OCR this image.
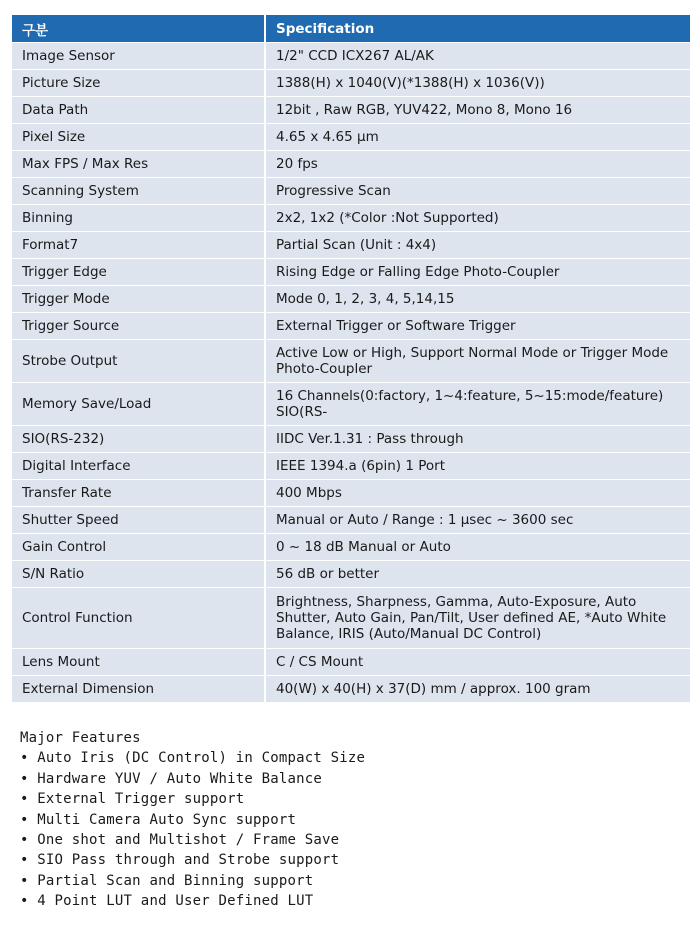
구분	Specification
Image Sensor	1/2" CCD ICX267 AL/AK
Picture Size	1388(H) x 1040(V)(*1388(H) x 1036(V))
Data Path	12bit , Raw RGB, YUV422, Mono 8, Mono 16
Pixel Size	4.65 x 4.65 μm
Max FPS / Max Res	20 fps
Scanning System	Progressive Scan
Binning	2x2, 1x2 (*Color :Not Supported)
Format7	Partial Scan (Unit : 4x4)
Trigger Edge	Rising Edge or Falling Edge Photo-Coupler
Trigger Mode	Mode 0, 1, 2, 3, 4, 5,14,15
Trigger Source	External Trigger or Software Trigger
Strobe Output	Active Low or High, Support Normal Mode or Trigger Mode Photo-Coupler
Memory Save/Load	16 Channels(0:factory, 1~4:feature, 5~15:mode/feature) SIO(RS-
SIO(RS-232)	IIDC Ver.1.31 : Pass through
Digital Interface	IEEE 1394.a (6pin) 1 Port
Transfer Rate	400 Mbps
Shutter Speed	Manual or Auto / Range : 1 μsec ~ 3600 sec
Gain Control	0 ~ 18 dB Manual or Auto
S/N Ratio	56 dB or better
Control Function	Brightness, Sharpness, Gamma, Auto-Exposure, Auto Shutter, Auto Gain, Pan/Tilt, User defined AE, *Auto White Balance, IRIS (Auto/Manual DC Control)
Lens Mount	C / CS Mount
External Dimension	40(W) x 40(H) x 37(D) mm / approx. 100 gram
Major Features
• Auto Iris (DC Control) in Compact Size
• Hardware YUV / Auto White Balance
• External Trigger support
• Multi Camera Auto Sync support
• One shot and Multishot / Frame Save
• SIO Pass through and Strobe support
• Partial Scan and Binning support
• 4 Point LUT and User Defined LUT
